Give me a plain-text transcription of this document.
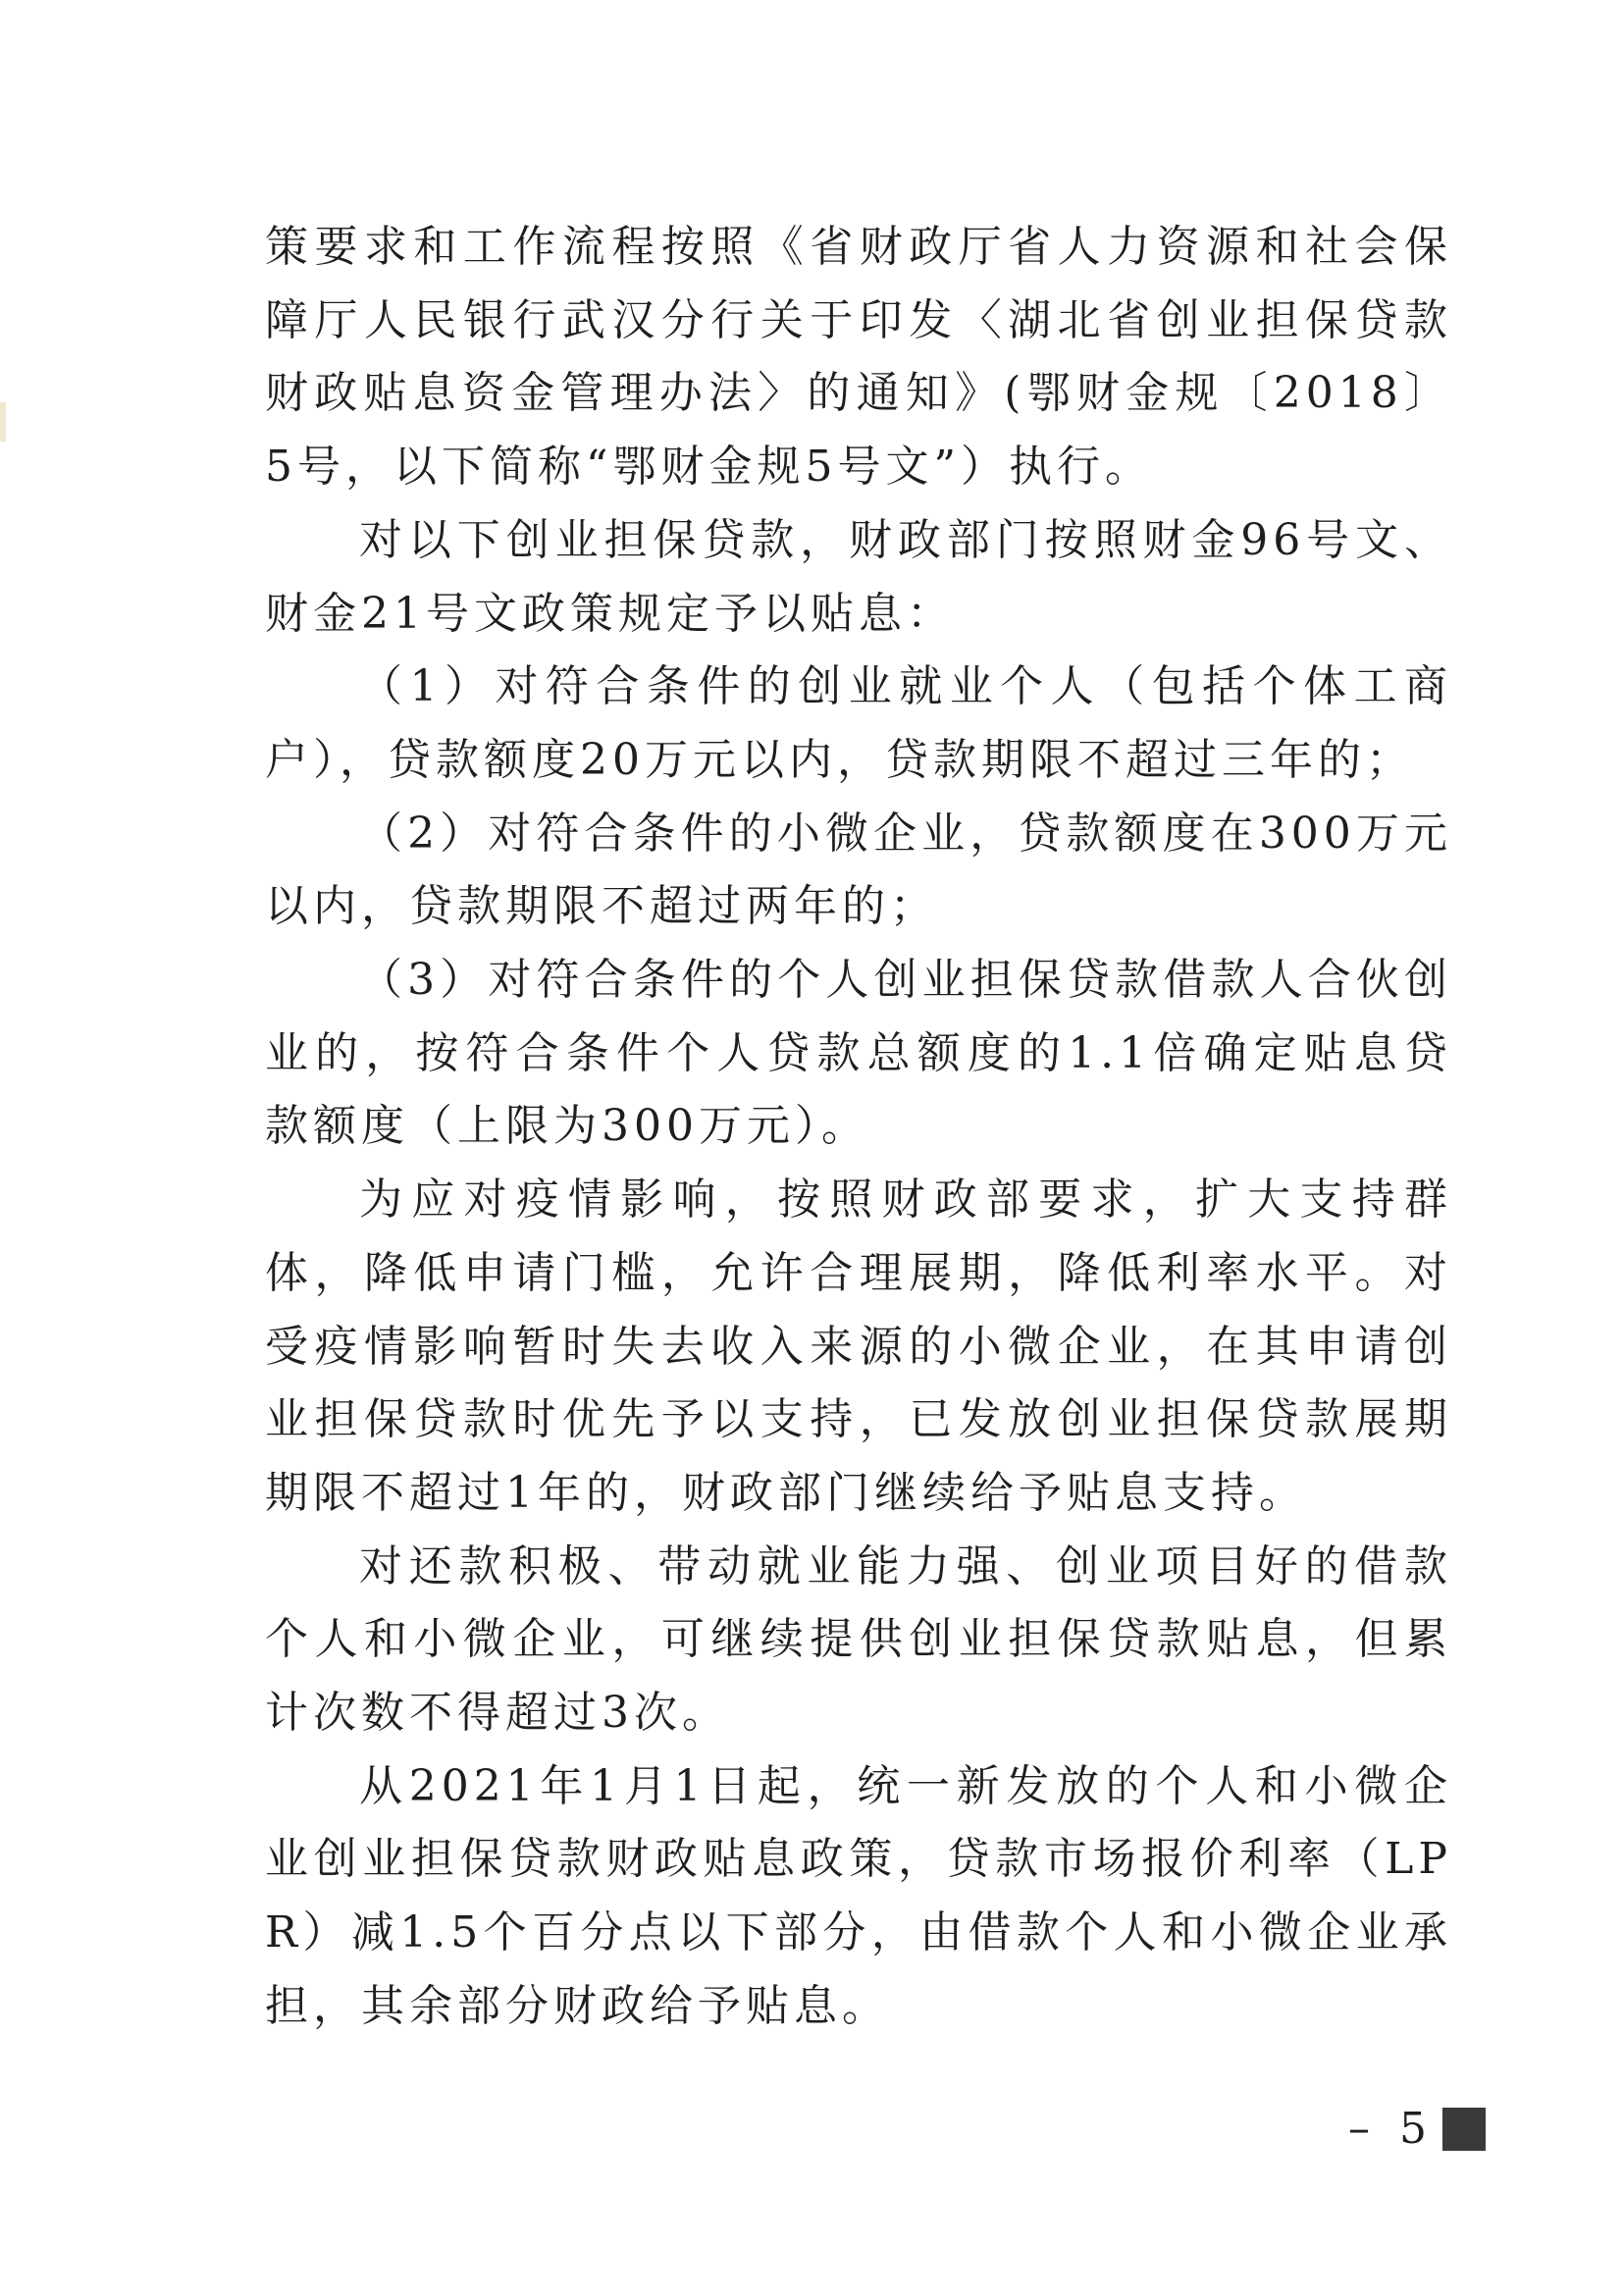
策要求和工作流程按照《省财政厅省人力资源和社会保障厅人民银行武汉分行关于印发〈湖北省创业担保贷款财政贴息资金管理办法〉的通知》(鄂财金规〔2018〕5号，以下简称“鄂财金规5号文”）执行。

对以下创业担保贷款，财政部门按照财金96号文、财金21号文政策规定予以贴息：

（1）对符合条件的创业就业个人（包括个体工商户），贷款额度20万元以内，贷款期限不超过三年的；

（2）对符合条件的小微企业，贷款额度在300万元以内，贷款期限不超过两年的；

（3）对符合条件的个人创业担保贷款借款人合伙创业的，按符合条件个人贷款总额度的1.1倍确定贴息贷款额度（上限为300万元）。

为应对疫情影响，按照财政部要求，扩大支持群体，降低申请门槛，允许合理展期，降低利率水平。对受疫情影响暂时失去收入来源的小微企业，在其申请创业担保贷款时优先予以支持，已发放创业担保贷款展期期限不超过1年的，财政部门继续给予贴息支持。

对还款积极、带动就业能力强、创业项目好的借款个人和小微企业，可继续提供创业担保贷款贴息，但累计次数不得超过3次。

从2021年1月1日起，统一新发放的个人和小微企业创业担保贷款财政贴息政策，贷款市场报价利率（LPR）减1.5个百分点以下部分，由借款个人和小微企业承担，其余部分财政给予贴息。

– 5
